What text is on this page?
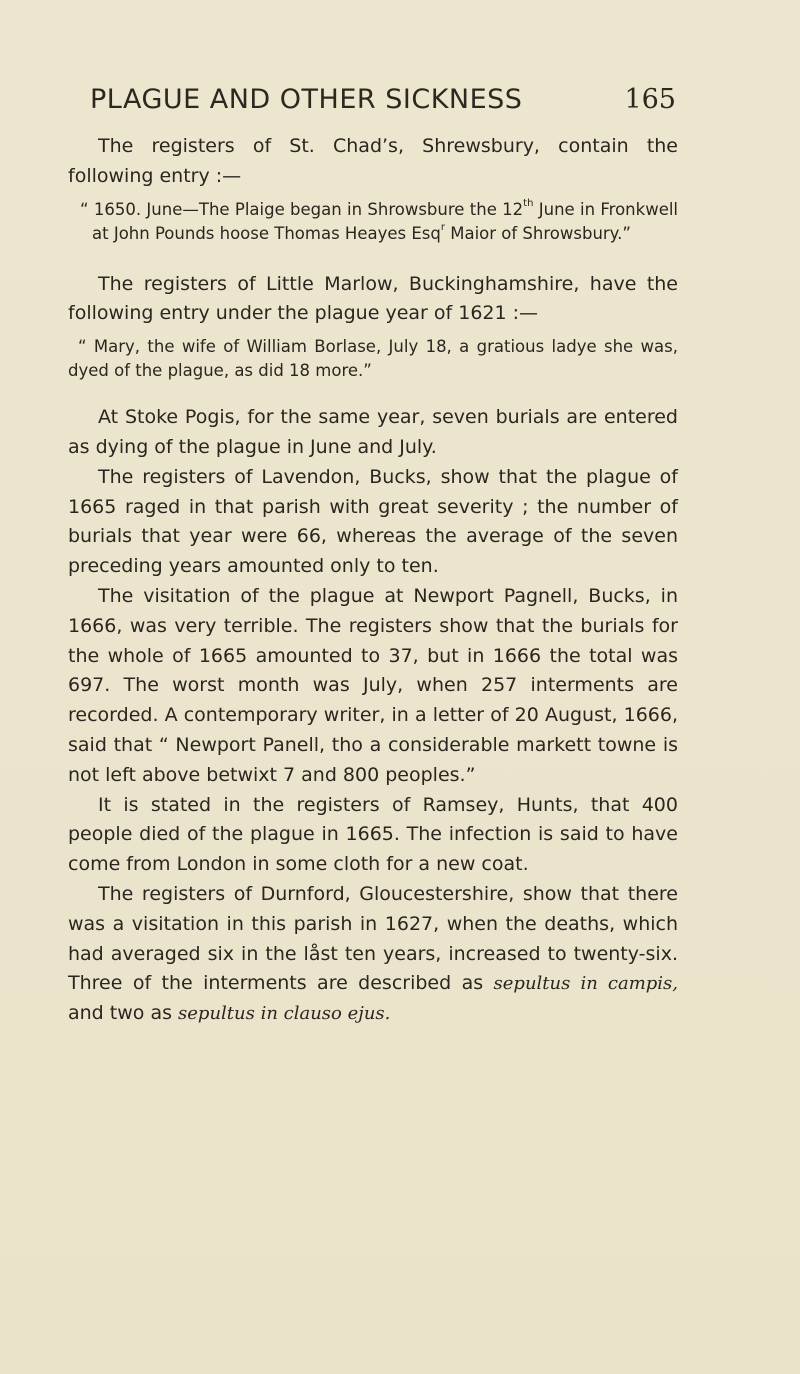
PLAGUE AND OTHER SICKNESS	165

The registers of St. Chad’s, Shrewsbury, contain the following entry :—

“ 1650. June—The Plaige began in Shrowsbure the 12th June in Fronkwell at John Pounds hoose Thomas Heayes Esq$^r$ Maior of Shrowsbury.”

The registers of Little Marlow, Buckinghamshire, have the following entry under the plague year of 1621 :—

“ Mary, the wife of William Borlase, July 18, a gratious ladye she was, dyed of the plague, as did 18 more.”

At Stoke Pogis, for the same year, seven burials are entered as dying of the plague in June and July.

The registers of Lavendon, Bucks, show that the plague of 1665 raged in that parish with great severity ; the number of burials that year were 66, whereas the average of the seven preceding years amounted only to ten.

The visitation of the plague at Newport Pagnell, Bucks, in 1666, was very terrible. The registers show that the burials for the whole of 1665 amounted to 37, but in 1666 the total was 697. The worst month was July, when 257 interments are recorded. A contemporary writer, in a letter of 20 August, 1666, said that “ Newport Panell, tho a considerable markett towne is not left above betwixt 7 and 800 peoples.”

It is stated in the registers of Ramsey, Hunts, that 400 people died of the plague in 1665. The infection is said to have come from London in some cloth for a new coat.

The registers of Durnford, Gloucestershire, show that there was a visitation in this parish in 1627, when the deaths, which had averaged six in the låst ten years, increased to twenty-six. Three of the interments are described as sepultus in campis, and two as sepultus in clauso ejus.
